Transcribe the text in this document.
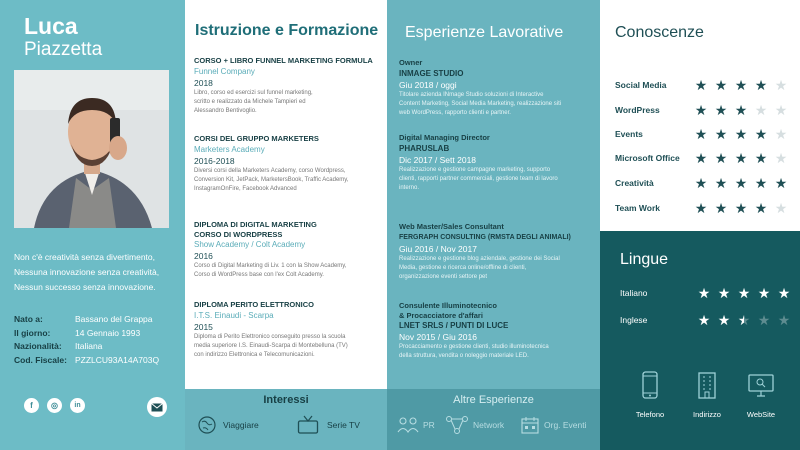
Luca
Piazzetta
Non c'è creatività senza divertimento,
Nessuna innovazione senza creatività,
Nessun successo senza innovazione.
Nato a:	Bassano del Grappa
Il giorno:	14 Gennaio 1993
Nazionalità:	Italiana
Cod. Fiscale: PZZLCU93A14A703Q
f	◎	in
Istruzione e Formazione
CORSO + LIBRO FUNNEL MARKETING FORMULA
Funnel Company
2018
Libro, corso ed esercizi sul funnel marketing,
scritto e realizzato da Michele Tampieri ed
Alessandro Bentivoglio.
CORSI DEL GRUPPO MARKETERS
Marketers Academy
2016-2018
Diversi corsi della Marketers Academy, corso Wordpress,
Conversion Kit, JetPack, MarketersBook, Traffic Academy,
InstagramOnFire, Facebook Advanced
DIPLOMA DI DIGITAL MARKETING
CORSO DI WORDPRESS
Show Academy / Colt Academy
2016
Corso di Digital Marketing di Liv. 1 con la Show Academy,
Corso di WordPress base con l'ex Colt Academy.
DIPLOMA PERITO ELETTRONICO
I.T.S. Einaudi - Scarpa
2015
Diploma di Perito Elettronico conseguito presso la scuola
media superiore I.S. Einaudi-Scarpa di Montebelluna (TV)
con indirizzo Elettronica e Telecomunicazioni.
Interessi
Viaggiare	Serie TV
Esperienze Lavorative
Owner
INMAGE STUDIO
Giu 2018 / oggi
Titolare azienda INmage Studio soluzioni di Interactive
Content Marketing, Social Media Marketing, realizzazione siti
web WordPress, rapporto clienti e partner.
Digital Managing Director
PHARUSLAB
Dic 2017 / Sett 2018
Realizzazione e gestione campagne marketing, supporto
clienti, rapporti partner commerciali, gestione team di lavoro
interno.
Web Master/Sales Consultant
FERGRAPH CONSULTING (RMSTA DEGLI ANIMALI)
Giu 2016 / Nov 2017
Realizzazione e gestione blog aziendale, gestione dei Social
Media, gestione e ricerca online/offline di clienti,
organizzazione eventi settore pet
Consulente Illuminotecnico
& Procacciatore d'affari
LNET SRLS / PUNTI DI LUCE
Nov 2015 / Giu 2016
Procacciamento e gestione clienti, studio illuminotecnica
della struttura, vendita o noleggio materiale LED.
Altre Esperienze
PR	Network	Org. Eventi
Conoscenze
Social Media	★ ★ ★ ★ ★
WordPress	★ ★ ★ ★ ★
Events	★ ★ ★ ★ ★
Microsoft Office	★ ★ ★ ★ ★
Creatività	★ ★ ★ ★ ★
Team Work	★ ★ ★ ★ ★
Lingue
Italiano	★ ★ ★ ★ ★
Inglese	★ ★ ★ ★ ★
Telefono	Indirizzo	WebSite
